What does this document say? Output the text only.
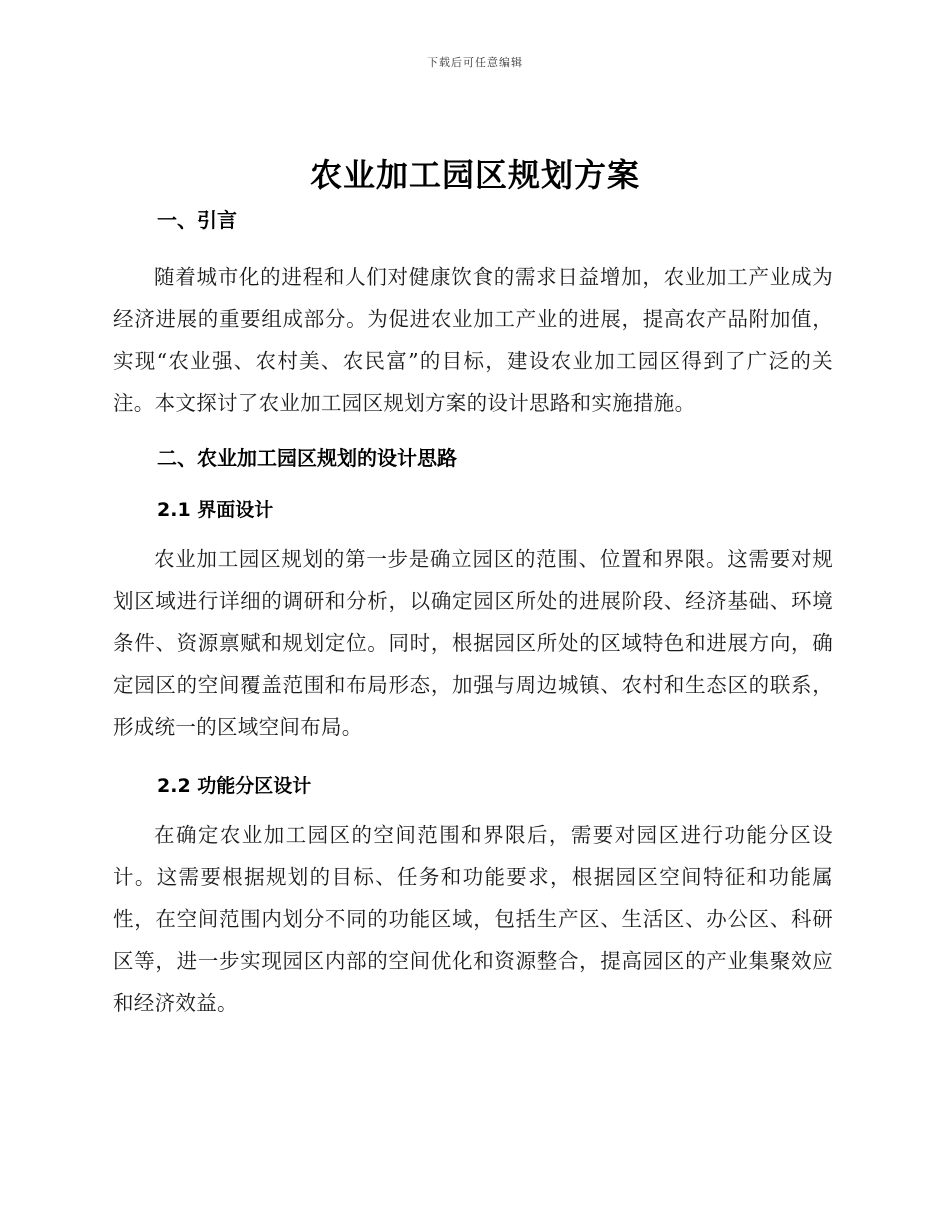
下载后可任意编辑
农业加工园区规划方案
一、引言

随着城市化的进程和人们对健康饮食的需求日益增加，农业加工产业成为经济进展的重要组成部分。为促进农业加工产业的进展，提高农产品附加值，实现“农业强、农村美、农民富”的目标，建设农业加工园区得到了广泛的关注。本文探讨了农业加工园区规划方案的设计思路和实施措施。

二、农业加工园区规划的设计思路
2.1 界面设计

农业加工园区规划的第一步是确立园区的范围、位置和界限。这需要对规划区域进行详细的调研和分析，以确定园区所处的进展阶段、经济基础、环境条件、资源禀赋和规划定位。同时，根据园区所处的区域特色和进展方向，确定园区的空间覆盖范围和布局形态，加强与周边城镇、农村和生态区的联系，形成统一的区域空间布局。

2.2 功能分区设计

在确定农业加工园区的空间范围和界限后，需要对园区进行功能分区设计。这需要根据规划的目标、任务和功能要求，根据园区空间特征和功能属性，在空间范围内划分不同的功能区域，包括生产区、生活区、办公区、科研区等，进一步实现园区内部的空间优化和资源整合，提高园区的产业集聚效应和经济效益。
